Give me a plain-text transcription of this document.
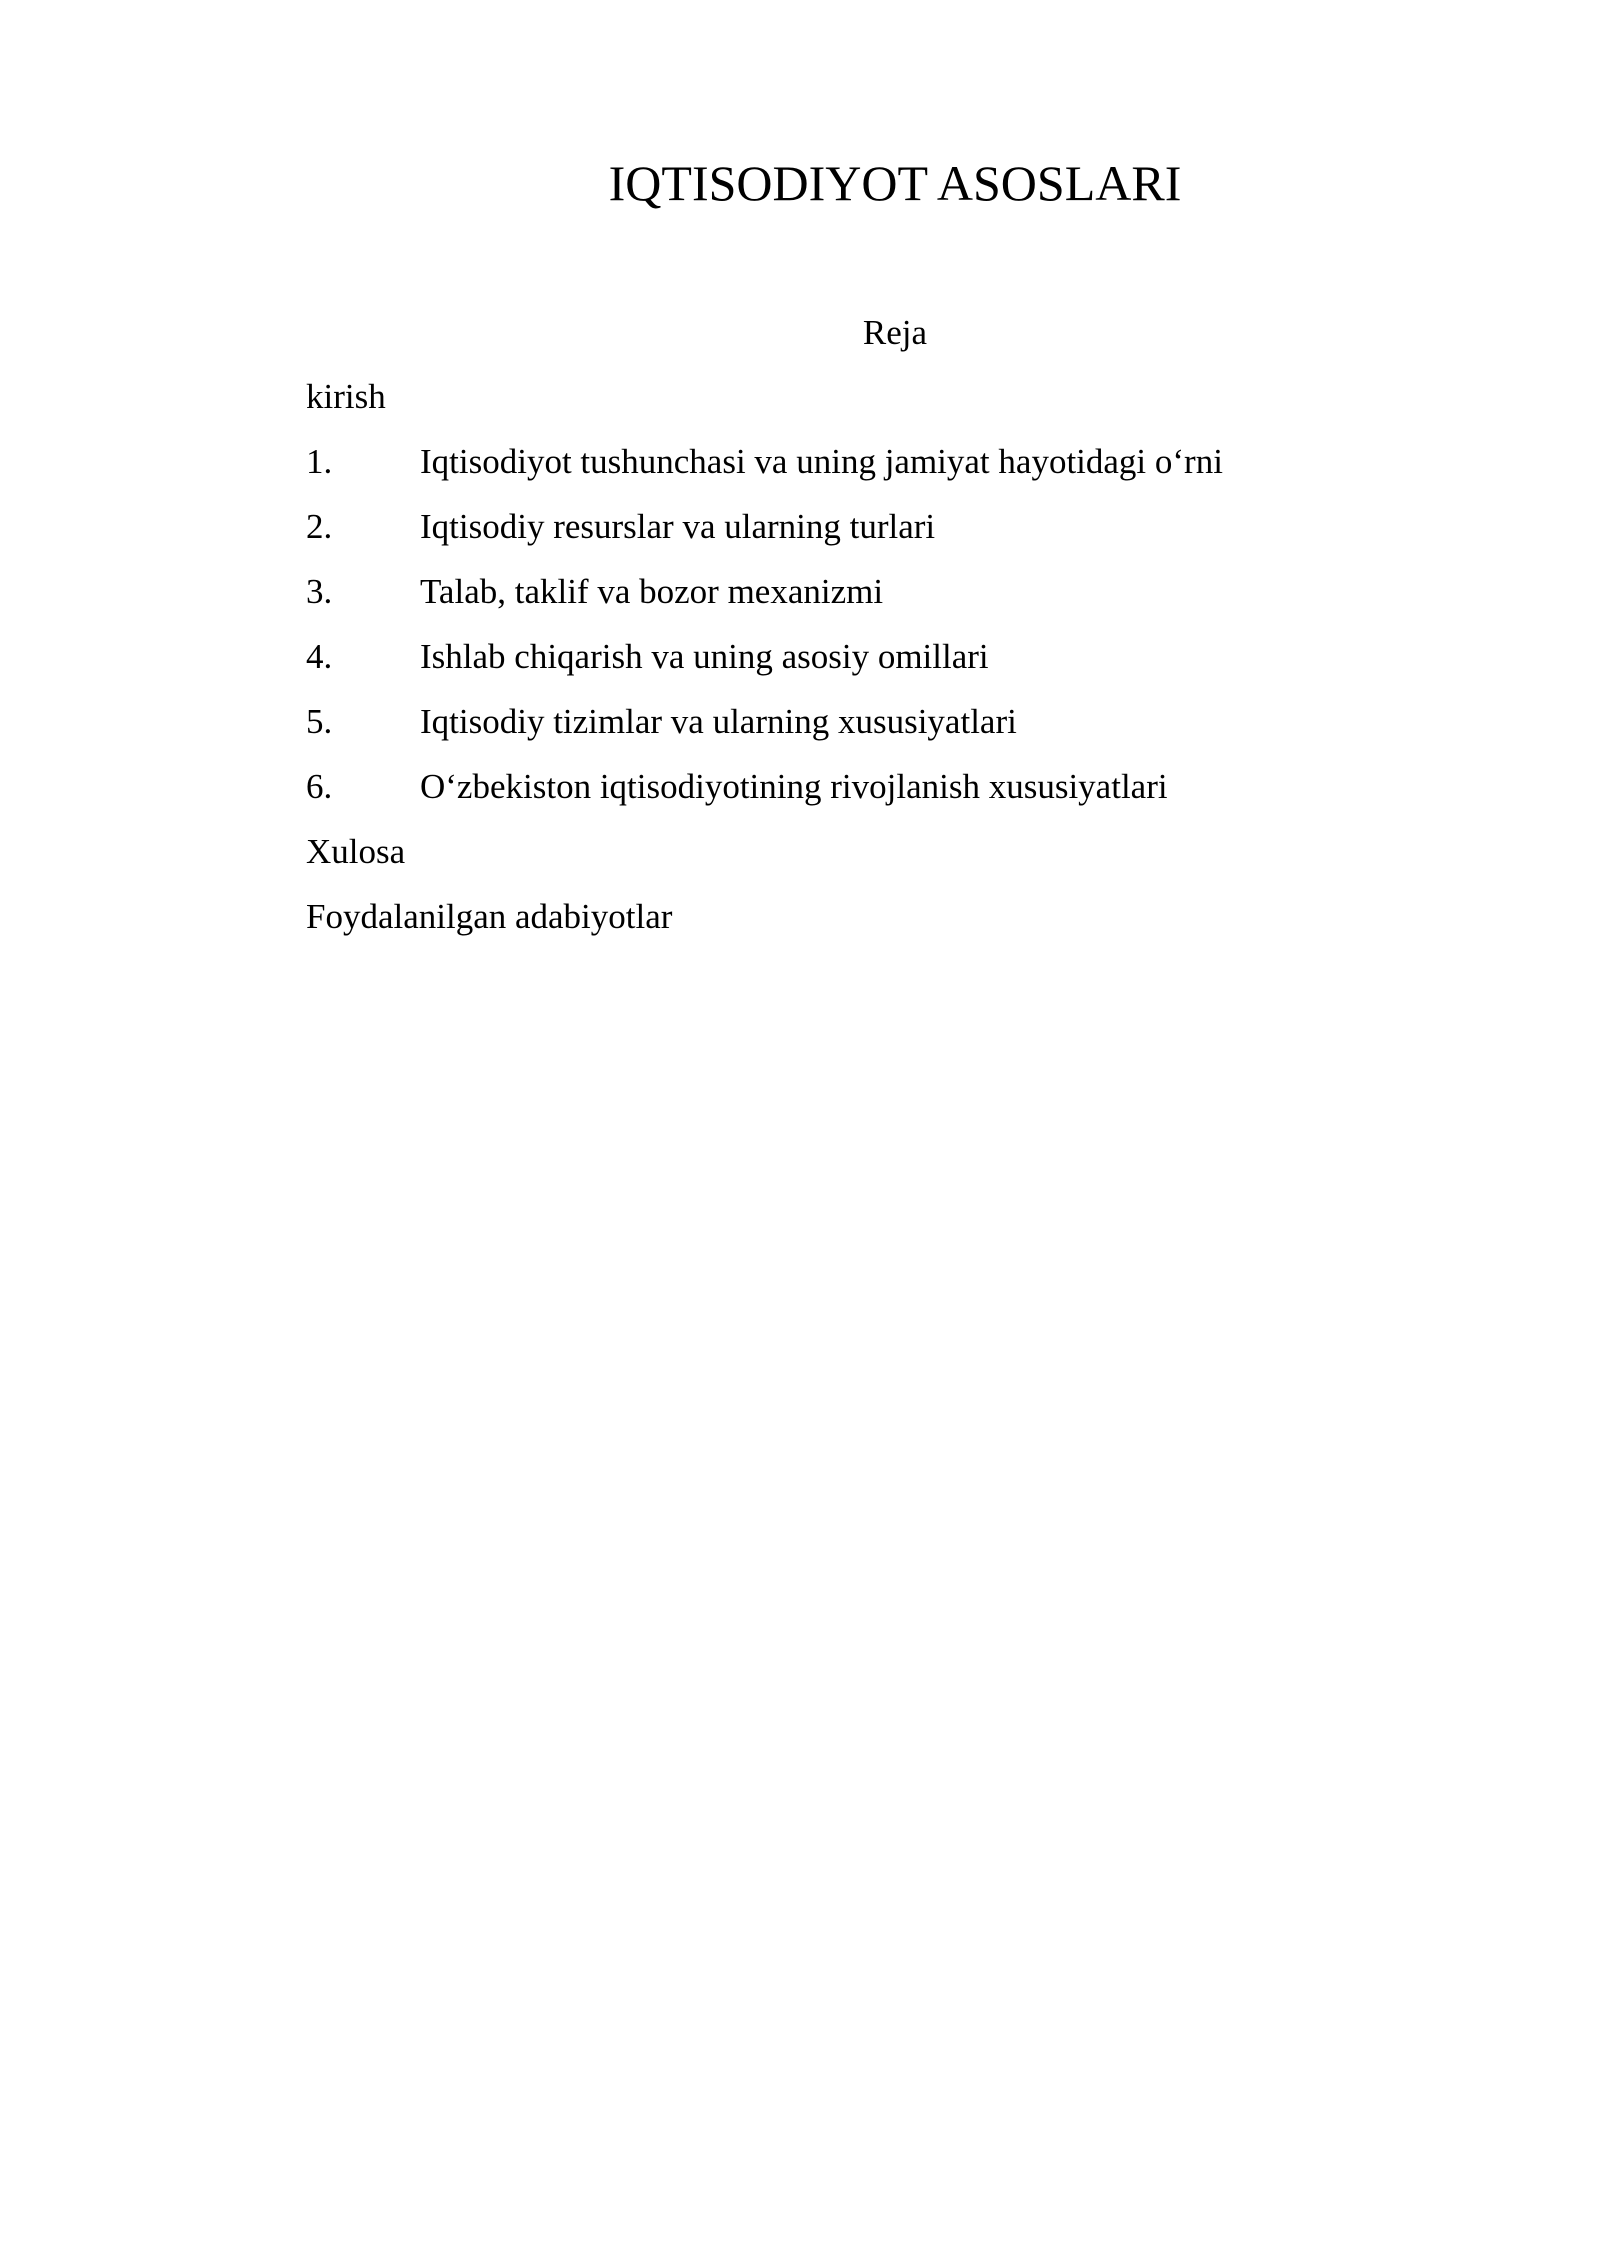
IQTISODIYOT ASOSLARI
Reja
kirish
1.	Iqtisodiyot tushunchasi va uning jamiyat hayotidagi o‘rni
2.	Iqtisodiy resurslar va ularning turlari
3.	Talab, taklif va bozor mexanizmi
4.	Ishlab chiqarish va uning asosiy omillari
5.	Iqtisodiy tizimlar va ularning xususiyatlari
6.	O‘zbekiston iqtisodiyotining rivojlanish xususiyatlari
Xulosa
Foydalanilgan adabiyotlar
